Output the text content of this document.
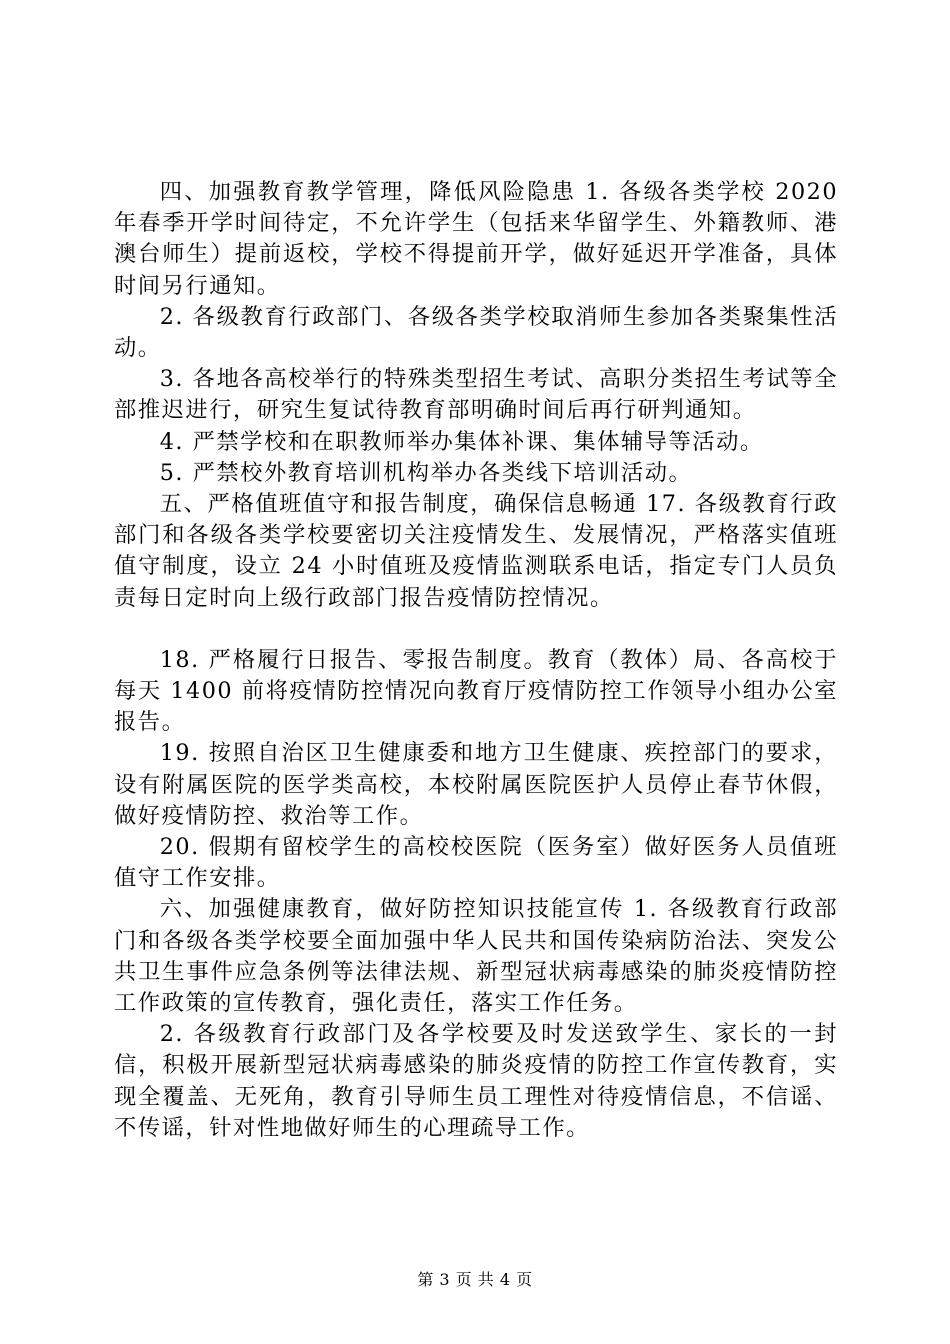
四、加强教育教学管理，降低风险隐患 1. 各级各类学校 2020 年春季开学时间待定，不允许学生（包括来华留学生、外籍教师、港澳台师生）提前返校，学校不得提前开学，做好延迟开学准备，具体时间另行通知。

2. 各级教育行政部门、各级各类学校取消师生参加各类聚集性活动。

3. 各地各高校举行的特殊类型招生考试、高职分类招生考试等全部推迟进行，研究生复试待教育部明确时间后再行研判通知。

4. 严禁学校和在职教师举办集体补课、集体辅导等活动。

5. 严禁校外教育培训机构举办各类线下培训活动。

五、严格值班值守和报告制度，确保信息畅通 17. 各级教育行政部门和各级各类学校要密切关注疫情发生、发展情况，严格落实值班值守制度，设立 24 小时值班及疫情监测联系电话，指定专门人员负责每日定时向上级行政部门报告疫情防控情况。

18. 严格履行日报告、零报告制度。教育（教体）局、各高校于每天 1400 前将疫情防控情况向教育厅疫情防控工作领导小组办公室报告。

19. 按照自治区卫生健康委和地方卫生健康、疾控部门的要求，设有附属医院的医学类高校，本校附属医院医护人员停止春节休假，做好疫情防控、救治等工作。

20. 假期有留校学生的高校校医院（医务室）做好医务人员值班值守工作安排。

六、加强健康教育，做好防控知识技能宣传 1. 各级教育行政部门和各级各类学校要全面加强中华人民共和国传染病防治法、突发公共卫生事件应急条例等法律法规、新型冠状病毒感染的肺炎疫情防控工作政策的宣传教育，强化责任，落实工作任务。

2. 各级教育行政部门及各学校要及时发送致学生、家长的一封信，积极开展新型冠状病毒感染的肺炎疫情的防控工作宣传教育，实现全覆盖、无死角，教育引导师生员工理性对待疫情信息，不信谣、不传谣，针对性地做好师生的心理疏导工作。

第 3 页 共 4 页
